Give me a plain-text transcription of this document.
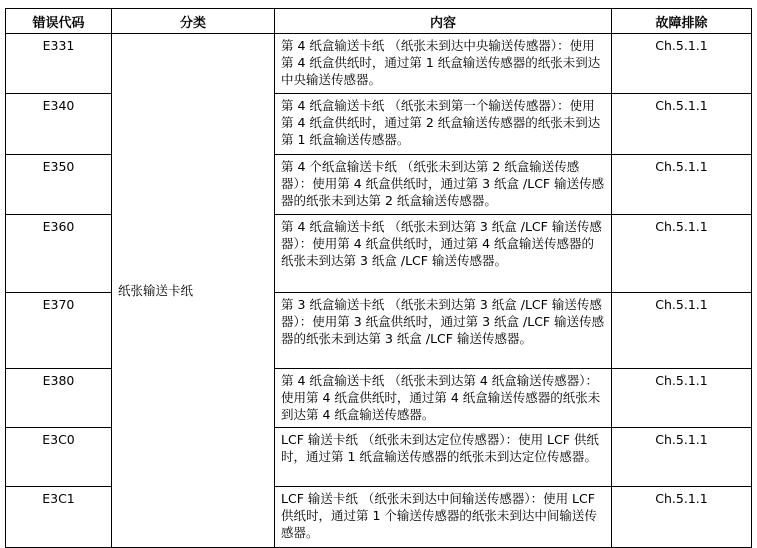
错误代码	分类	内容	故障排除
E331	纸张输送卡纸	第 4 纸盒输送卡纸 （纸张未到达中央输送传感器）：使用第 4 纸盒供纸时，通过第 1 纸盒输送传感器的纸张未到达中央输送传感器。	Ch.5.1.1
E340		第 4 纸盒输送卡纸 （纸张未到第一个输送传感器）：使用第 4 纸盒供纸时，通过第 2 纸盒输送传感器的纸张未到达第 1 纸盒输送传感器。	Ch.5.1.1
E350		第 4 个纸盒输送卡纸 （纸张未到达第 2 纸盒输送传感器）：使用第 4 纸盒供纸时，通过第 3 纸盒 /LCF 输送传感器的纸张未到达第 2 纸盒输送传感器。	Ch.5.1.1
E360		第 4 纸盒输送卡纸 （纸张未到达第 3 纸盒 /LCF 输送传感器）：使用第 4 纸盒供纸时，通过第 4 纸盒输送传感器的纸张未到达第 3 纸盒 /LCF 输送传感器。	Ch.5.1.1
E370		第 3 纸盒输送卡纸 （纸张未到达第 3 纸盒 /LCF 输送传感器）：使用第 3 纸盒供纸时，通过第 3 纸盒 /LCF 输送传感器的纸张未到达第 3 纸盒 /LCF 输送传感器。	Ch.5.1.1
E380		第 4 纸盒输送卡纸 （纸张未到达第 4 纸盒输送传感器）：使用第 4 纸盒供纸时，通过第 4 纸盒输送传感器的纸张未到达第 4 纸盒输送传感器。	Ch.5.1.1
E3C0		LCF 输送卡纸 （纸张未到达定位传感器）：使用 LCF 供纸时，通过第 1 纸盒输送传感器的纸张未到达定位传感器。	Ch.5.1.1
E3C1		LCF 输送卡纸 （纸张未到达中间输送传感器）：使用 LCF 供纸时，通过第 1 个输送传感器的纸张未到达中间输送传感器。	Ch.5.1.1
